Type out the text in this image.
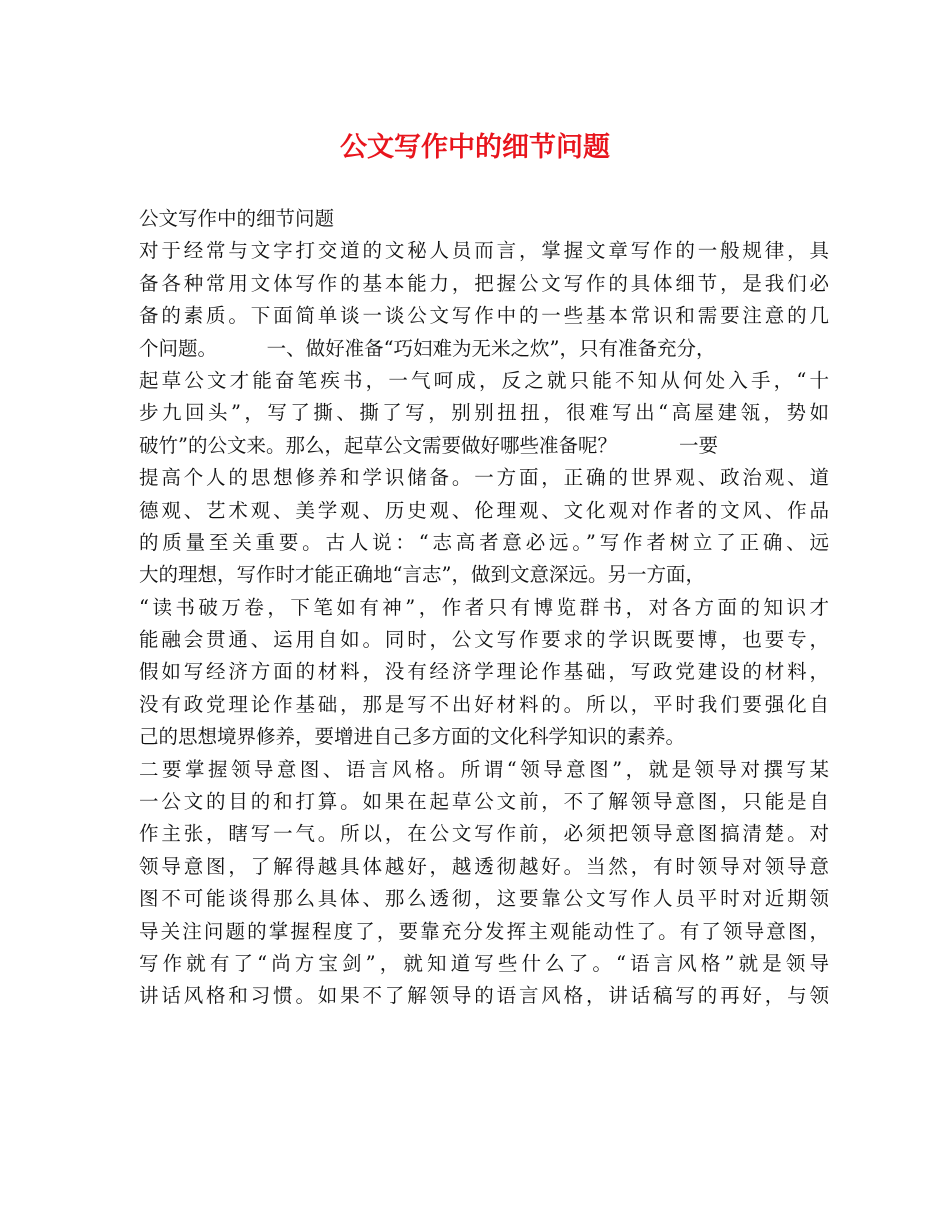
公文写作中的细节问题
公文写作中的细节问题
对于经常与文字打交道的文秘人员而言，掌握文章写作的一般规律，具
备各种常用文体写作的基本能力，把握公文写作的具体细节，是我们必
备的素质。下面简单谈一谈公文写作中的一些基本常识和需要注意的几
个问题。        一、做好准备“巧妇难为无米之炊”，只有准备充分，
起草公文才能奋笔疾书，一气呵成，反之就只能不知从何处入手，“十
步九回头”，写了撕、撕了写，别别扭扭，很难写出“高屋建瓴，势如
破竹”的公文来。那么，起草公文需要做好哪些准备呢？          一要
提高个人的思想修养和学识储备。一方面，正确的世界观、政治观、道
德观、艺术观、美学观、历史观、伦理观、文化观对作者的文风、作品
的质量至关重要。古人说：“志高者意必远。”写作者树立了正确、远
大的理想，写作时才能正确地“言志”，做到文意深远。另一方面，
“读书破万卷，下笔如有神”，作者只有博览群书，对各方面的知识才
能融会贯通、运用自如。同时，公文写作要求的学识既要博，也要专，
假如写经济方面的材料，没有经济学理论作基础，写政党建设的材料，
没有政党理论作基础，那是写不出好材料的。所以，平时我们要强化自
己的思想境界修养，要增进自己多方面的文化科学知识的素养。
二要掌握领导意图、语言风格。所谓“领导意图”，就是领导对撰写某
一公文的目的和打算。如果在起草公文前，不了解领导意图，只能是自
作主张，瞎写一气。所以，在公文写作前，必须把领导意图搞清楚。对
领导意图，了解得越具体越好，越透彻越好。当然，有时领导对领导意
图不可能谈得那么具体、那么透彻，这要靠公文写作人员平时对近期领
导关注问题的掌握程度了，要靠充分发挥主观能动性了。有了领导意图，
写作就有了“尚方宝剑”，就知道写些什么了。“语言风格”就是领导
讲话风格和习惯。如果不了解领导的语言风格，讲话稿写的再好，与领
